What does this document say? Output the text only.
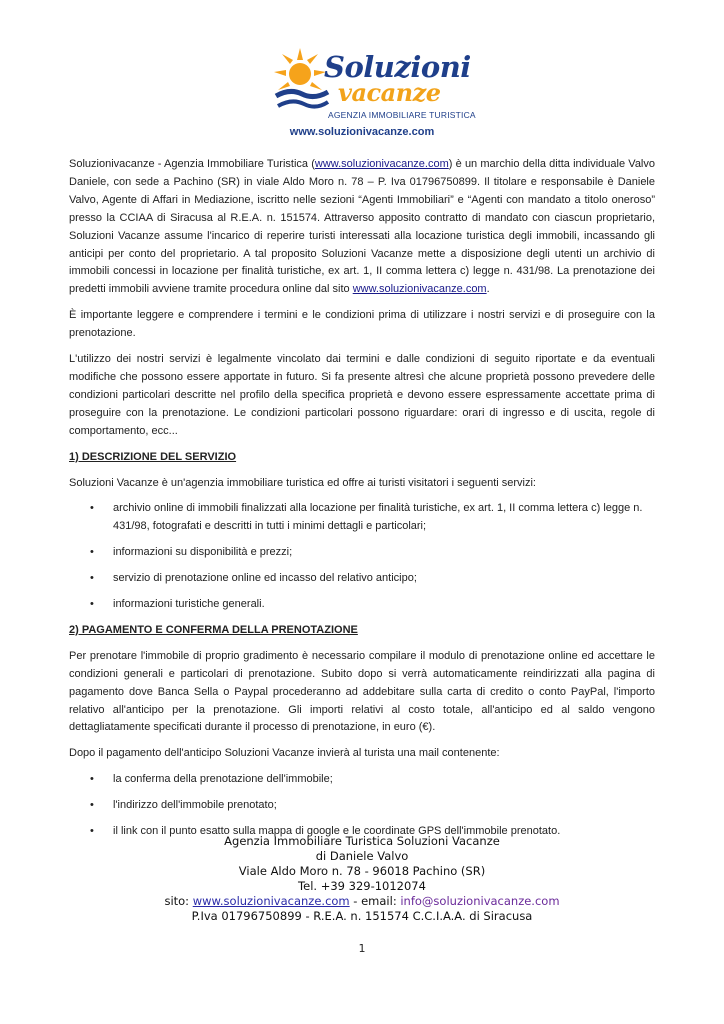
Soluzioni
vacanze
AGENZIA IMMOBILIARE TURISTICA
www.soluzionivacanze.com

Soluzionivacanze - Agenzia Immobiliare Turistica (www.soluzionivacanze.com) è un marchio della ditta individuale Valvo Daniele, con sede a Pachino (SR) in viale Aldo Moro n. 78 – P. Iva 01796750899. Il titolare e responsabile è Daniele Valvo, Agente di Affari in Mediazione, iscritto nelle sezioni “Agenti Immobiliari” e “Agenti con mandato a titolo oneroso” presso la CCIAA di Siracusa al R.E.A. n. 151574. Attraverso apposito contratto di mandato con ciascun proprietario, Soluzioni Vacanze assume l'incarico di reperire turisti interessati alla locazione turistica degli immobili, incassando gli anticipi per conto del proprietario. A tal proposito Soluzioni Vacanze mette a disposizione degli utenti un archivio di immobili concessi in locazione per finalità turistiche, ex art. 1, II comma lettera c) legge n. 431/98. La prenotazione dei predetti immobili avviene tramite procedura online dal sito www.soluzionivacanze.com.

È importante leggere e comprendere i termini e le condizioni prima di utilizzare i nostri servizi e di proseguire con la prenotazione.

L'utilizzo dei nostri servizi è legalmente vincolato dai termini e dalle condizioni di seguito riportate e da eventuali modifiche che possono essere apportate in futuro. Si fa presente altresì che alcune proprietà possono prevedere delle condizioni particolari descritte nel profilo della specifica proprietà e devono essere espressamente accettate prima di proseguire con la prenotazione. Le condizioni particolari possono riguardare: orari di ingresso e di uscita, regole di comportamento, ecc...

1) DESCRIZIONE DEL SERVIZIO

Soluzioni Vacanze è un'agenzia immobiliare turistica ed offre ai turisti visitatori i seguenti servizi:

• archivio online di immobili finalizzati alla locazione per finalità turistiche, ex art. 1, II comma lettera c) legge n. 431/98, fotografati e descritti in tutti i minimi dettagli e particolari;
• informazioni su disponibilità e prezzi;
• servizio di prenotazione online ed incasso del relativo anticipo;
• informazioni turistiche generali.
2) PAGAMENTO E CONFERMA DELLA PRENOTAZIONE

Per prenotare l'immobile di proprio gradimento è necessario compilare il modulo di prenotazione online ed accettare le condizioni generali e particolari di prenotazione. Subito dopo si verrà automaticamente reindirizzati alla pagina di pagamento dove Banca Sella o Paypal procederanno ad addebitare sulla carta di credito o conto PayPal, l'importo relativo all'anticipo per la prenotazione. Gli importi relativi al costo totale, all'anticipo ed al saldo vengono dettagliatamente specificati durante il processo di prenotazione, in euro (€).

Dopo il pagamento dell'anticipo Soluzioni Vacanze invierà al turista una mail contenente:

• la conferma della prenotazione dell'immobile;
• l'indirizzo dell'immobile prenotato;
• il link con il punto esatto sulla mappa di google e le coordinate GPS dell'immobile prenotato.
Agenzia Immobiliare Turistica Soluzioni Vacanze
di Daniele Valvo
Viale Aldo Moro n. 78 - 96018 Pachino (SR)
Tel. +39 329-1012074
sito: www.soluzionivacanze.com - email: info@soluzionivacanze.com
P.Iva 01796750899 - R.E.A. n. 151574 C.C.I.A.A. di Siracusa
1
